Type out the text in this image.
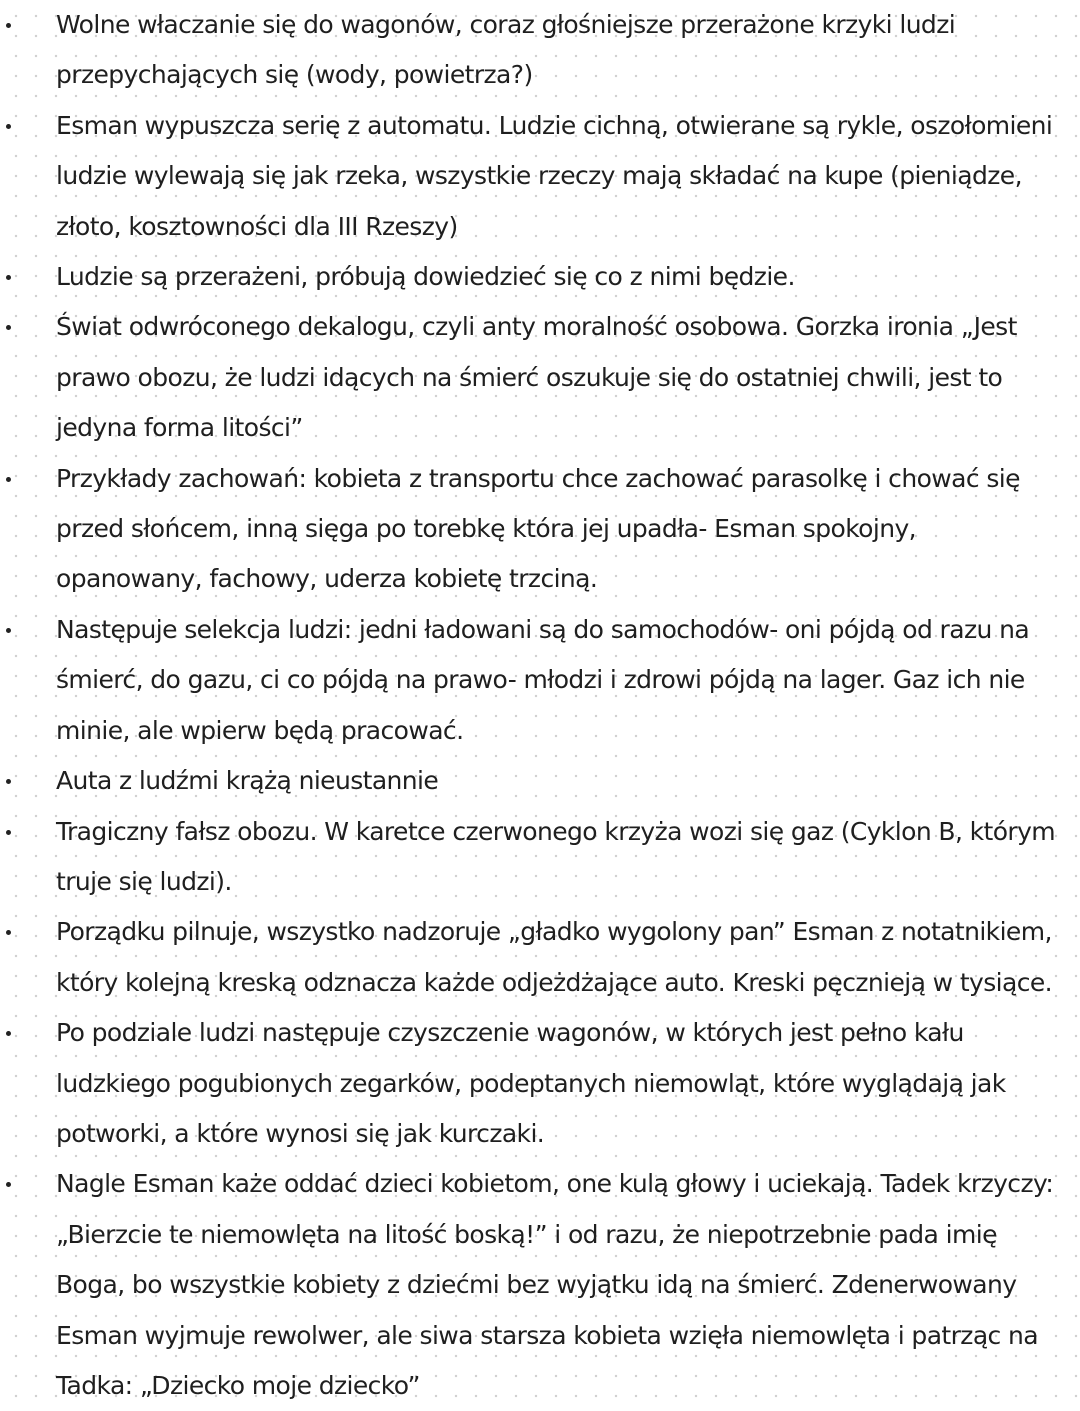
Wolne właczanie się do wagonów, coraz głośniejsze przerażone krzyki ludzi przepychających się (wody, powietrza?)
Esman wypuszcza serię z automatu. Ludzie cichną, otwierane są rykle, oszołomieni ludzie wylewają się jak rzeka, wszystkie rzeczy mają składać na kupe (pieniądze, złoto, kosztowności dla III Rzeszy)
Ludzie są przerażeni, próbują dowiedzieć się co z nimi będzie.
Świat odwróconego dekalogu, czyli anty moralność osobowa. Gorzka ironia „Jest prawo obozu, że ludzi idących na śmierć oszukuje się do ostatniej chwili, jest to jedyna forma litości”
Przykłady zachowań: kobieta z transportu chce zachować parasolkę i chować się przed słońcem, inną sięga po torebkę która jej upadła- Esman spokojny, opanowany, fachowy, uderza kobietę trzciną.
Następuje selekcja ludzi: jedni ładowani są do samochodów- oni pójdą od razu na śmierć, do gazu, ci co pójdą na prawo- młodzi i zdrowi pójdą na lager. Gaz ich nie minie, ale wpierw będą pracować.
Auta z ludźmi krążą nieustannie
Tragiczny fałsz obozu. W karetce czerwonego krzyża wozi się gaz (Cyklon B, którym truje się ludzi).
Porządku pilnuje, wszystko nadzoruje „gładko wygolony pan” Esman z notatnikiem, który kolejną kreską odznacza każde odjeżdżające auto. Kreski pęcznieją w tysiące.
Po podziale ludzi następuje czyszczenie wagonów, w których jest pełno kału ludzkiego pogubionych zegarków, podeptanych niemowląt, które wyglądają jak potworki, a które wynosi się jak kurczaki.
Nagle Esman każe oddać dzieci kobietom, one kulą głowy i uciekają. Tadek krzyczy: „Bierzcie te niemowlęta na litość boską!” i od razu, że niepotrzebnie pada imię Boga, bo wszystkie kobiety z dziećmi bez wyjątku idą na śmierć. Zdenerwowany Esman wyjmuje rewolwer, ale siwa starsza kobieta wzięła niemowlęta i patrząc na Tadka: „Dziecko moje dziecko”
